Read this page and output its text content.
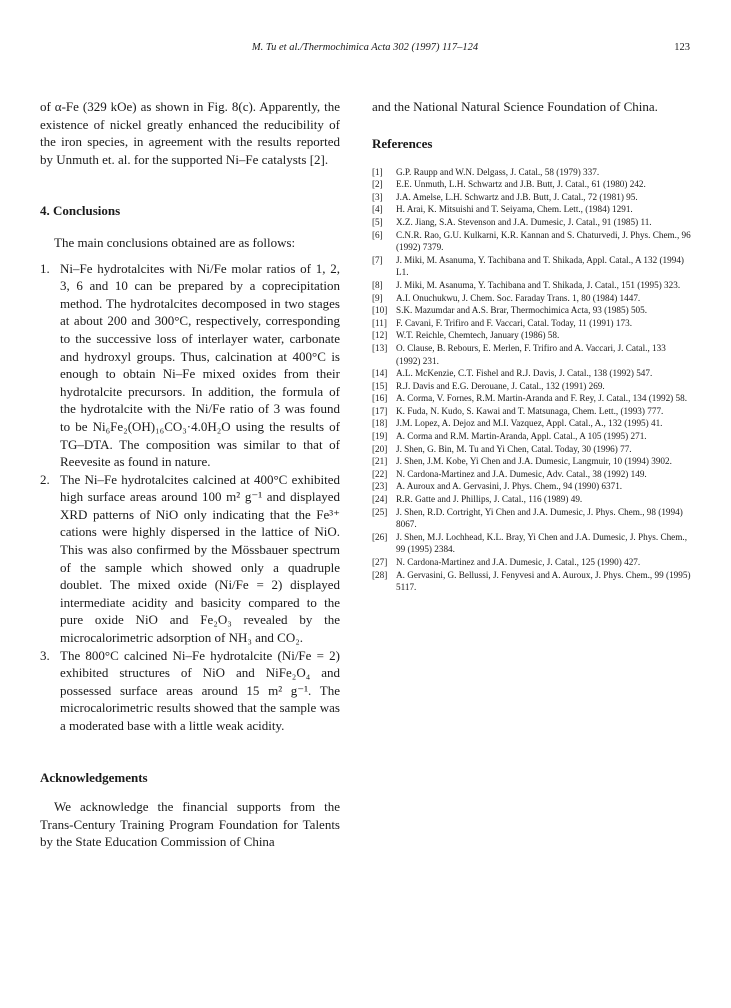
M. Tu et al./Thermochimica Acta 302 (1997) 117–124	123

of α-Fe (329 kOe) as shown in Fig. 8(c). Apparently, the existence of nickel greatly enhanced the reducibility of the iron species, in agreement with the results reported by Unmuth et. al. for the supported Ni–Fe catalysts [2].

4. Conclusions

The main conclusions obtained are as follows:

1. Ni–Fe hydrotalcites with Ni/Fe molar ratios of 1, 2, 3, 6 and 10 can be prepared by a coprecipitation method. The hydrotalcites decomposed in two stages at about 200 and 300°C, respectively, corresponding to the successive loss of interlayer water, carbonate and hydroxyl groups. Thus, calcination at 400°C is enough to obtain Ni–Fe mixed oxides from their hydrotalcite precursors. In addition, the formula of the hydrotalcite with the Ni/Fe ratio of 3 was found to be Ni₆Fe₂(OH)₁₆CO₃·4.0H₂O using the results of TG–DTA. The composition was similar to that of Reevesite as found in nature.
2. The Ni–Fe hydrotalcites calcined at 400°C exhibited high surface areas around 100 m² g⁻¹ and displayed XRD patterns of NiO only indicating that the Fe³⁺ cations were highly dispersed in the lattice of NiO. This was also confirmed by the Mössbauer spectrum of the sample which showed only a quadruple doublet. The mixed oxide (Ni/Fe = 2) displayed intermediate acidity and basicity compared to the pure oxide NiO and Fe₂O₃ revealed by the microcalorimetric adsorption of NH₃ and CO₂.
3. The 800°C calcined Ni–Fe hydrotalcite (Ni/Fe = 2) exhibited structures of NiO and NiFe₂O₄ and possessed surface areas around 15 m² g⁻¹. The microcalorimetric results showed that the sample was a moderated base with a little weak acidity.
Acknowledgements

We acknowledge the financial supports from the Trans-Century Training Program Foundation for Talents by the State Education Commission of China

and the National Natural Science Foundation of China.

References
[1] G.P. Raupp and W.N. Delgass, J. Catal., 58 (1979) 337.
[2] E.E. Unmuth, L.H. Schwartz and J.B. Butt, J. Catal., 61 (1980) 242.
[3] J.A. Amelse, L.H. Schwartz and J.B. Butt, J. Catal., 72 (1981) 95.
[4] H. Arai, K. Mitsuishi and T. Seiyama, Chem. Lett., (1984) 1291.
[5] X.Z. Jiang, S.A. Stevenson and J.A. Dumesic, J. Catal., 91 (1985) 11.
[6] C.N.R. Rao, G.U. Kulkarni, K.R. Kannan and S. Chaturvedi, J. Phys. Chem., 96 (1992) 7379.
[7] J. Miki, M. Asanuma, Y. Tachibana and T. Shikada, Appl. Catal., A 132 (1994) L1.
[8] J. Miki, M. Asanuma, Y. Tachibana and T. Shikada, J. Catal., 151 (1995) 323.
[9] A.I. Onuchukwu, J. Chem. Soc. Faraday Trans. 1, 80 (1984) 1447.
[10] S.K. Mazumdar and A.S. Brar, Thermochimica Acta, 93 (1985) 505.
[11] F. Cavani, F. Trifiro and F. Vaccari, Catal. Today, 11 (1991) 173.
[12] W.T. Reichle, Chemtech, January (1986) 58.
[13] O. Clause, B. Rebours, E. Merlen, F. Trifiro and A. Vaccari, J. Catal., 133 (1992) 231.
[14] A.L. McKenzie, C.T. Fishel and R.J. Davis, J. Catal., 138 (1992) 547.
[15] R.J. Davis and E.G. Derouane, J. Catal., 132 (1991) 269.
[16] A. Corma, V. Fornes, R.M. Martin-Aranda and F. Rey, J. Catal., 134 (1992) 58.
[17] K. Fuda, N. Kudo, S. Kawai and T. Matsunaga, Chem. Lett., (1993) 777.
[18] J.M. Lopez, A. Dejoz and M.I. Vazquez, Appl. Catal., A., 132 (1995) 41.
[19] A. Corma and R.M. Martin-Aranda, Appl. Catal., A 105 (1995) 271.
[20] J. Shen, G. Bin, M. Tu and Yi Chen, Catal. Today, 30 (1996) 77.
[21] J. Shen, J.M. Kobe, Yi Chen and J.A. Dumesic, Langmuir, 10 (1994) 3902.
[22] N. Cardona-Martinez and J.A. Dumesic, Adv. Catal., 38 (1992) 149.
[23] A. Auroux and A. Gervasini, J. Phys. Chem., 94 (1990) 6371.
[24] R.R. Gatte and J. Phillips, J. Catal., 116 (1989) 49.
[25] J. Shen, R.D. Cortright, Yi Chen and J.A. Dumesic, J. Phys. Chem., 98 (1994) 8067.
[26] J. Shen, M.J. Lochhead, K.L. Bray, Yi Chen and J.A. Dumesic, J. Phys. Chem., 99 (1995) 2384.
[27] N. Cardona-Martinez and J.A. Dumesic, J. Catal., 125 (1990) 427.
[28] A. Gervasini, G. Bellussi, J. Fenyvesi and A. Auroux, J. Phys. Chem., 99 (1995) 5117.
